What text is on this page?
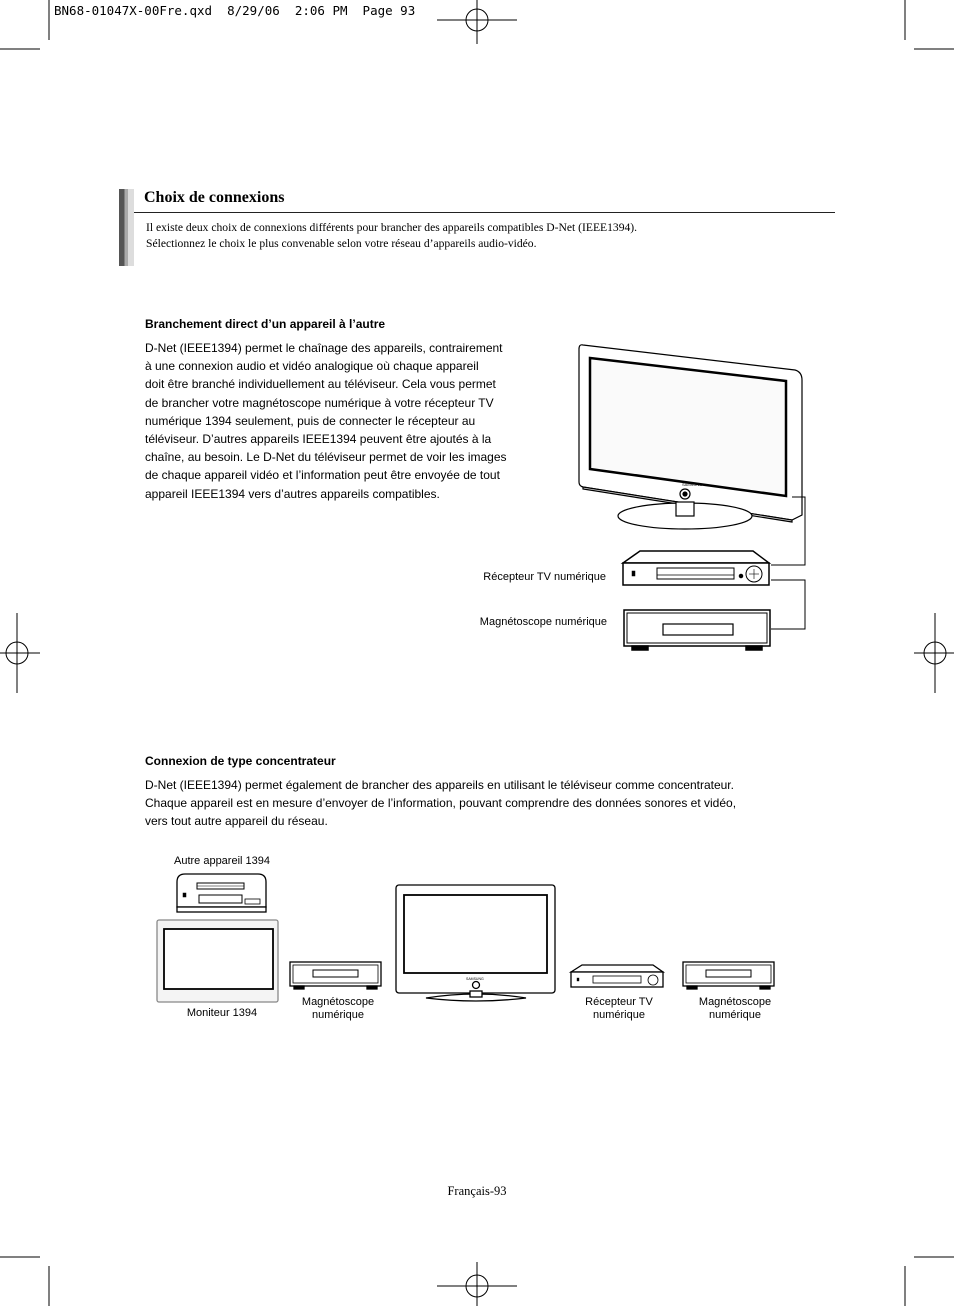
BN68-01047X-00Fre.qxd  8/29/06  2:06 PM  Page 93
Choix de connexions
Il existe deux choix de connexions différents pour brancher des appareils compatibles D-Net (IEEE1394).
Sélectionnez le choix le plus convenable selon votre réseau d’appareils audio-vidéo.
Branchement direct d’un appareil à l’autre
D-Net (IEEE1394) permet le chaînage des appareils, contrairement
à une connexion audio et vidéo analogique où chaque appareil
doit être branché individuellement au téléviseur. Cela vous permet
de brancher votre magnétoscope numérique à votre récepteur TV
numérique 1394 seulement, puis de connecter le récepteur au
téléviseur. D’autres appareils IEEE1394 peuvent être ajoutés à la
chaîne, au besoin. Le D-Net du téléviseur permet de voir les images
de chaque appareil vidéo et l’information peut être envoyée de tout
appareil IEEE1394 vers d’autres appareils compatibles.
SAMSUNG
Récepteur TV numérique
Magnétoscope numérique
Connexion de type concentrateur
D-Net (IEEE1394) permet également de brancher des appareils en utilisant le téléviseur comme concentrateur.
Chaque appareil est en mesure d’envoyer de l’information, pouvant comprendre des données sonores et vidéo,
vers tout autre appareil du réseau.
SAMSUNG
Autre appareil 1394
Moniteur 1394
Magnétoscope
numérique
Récepteur TV
numérique
Magnétoscope
numérique
Français-93
